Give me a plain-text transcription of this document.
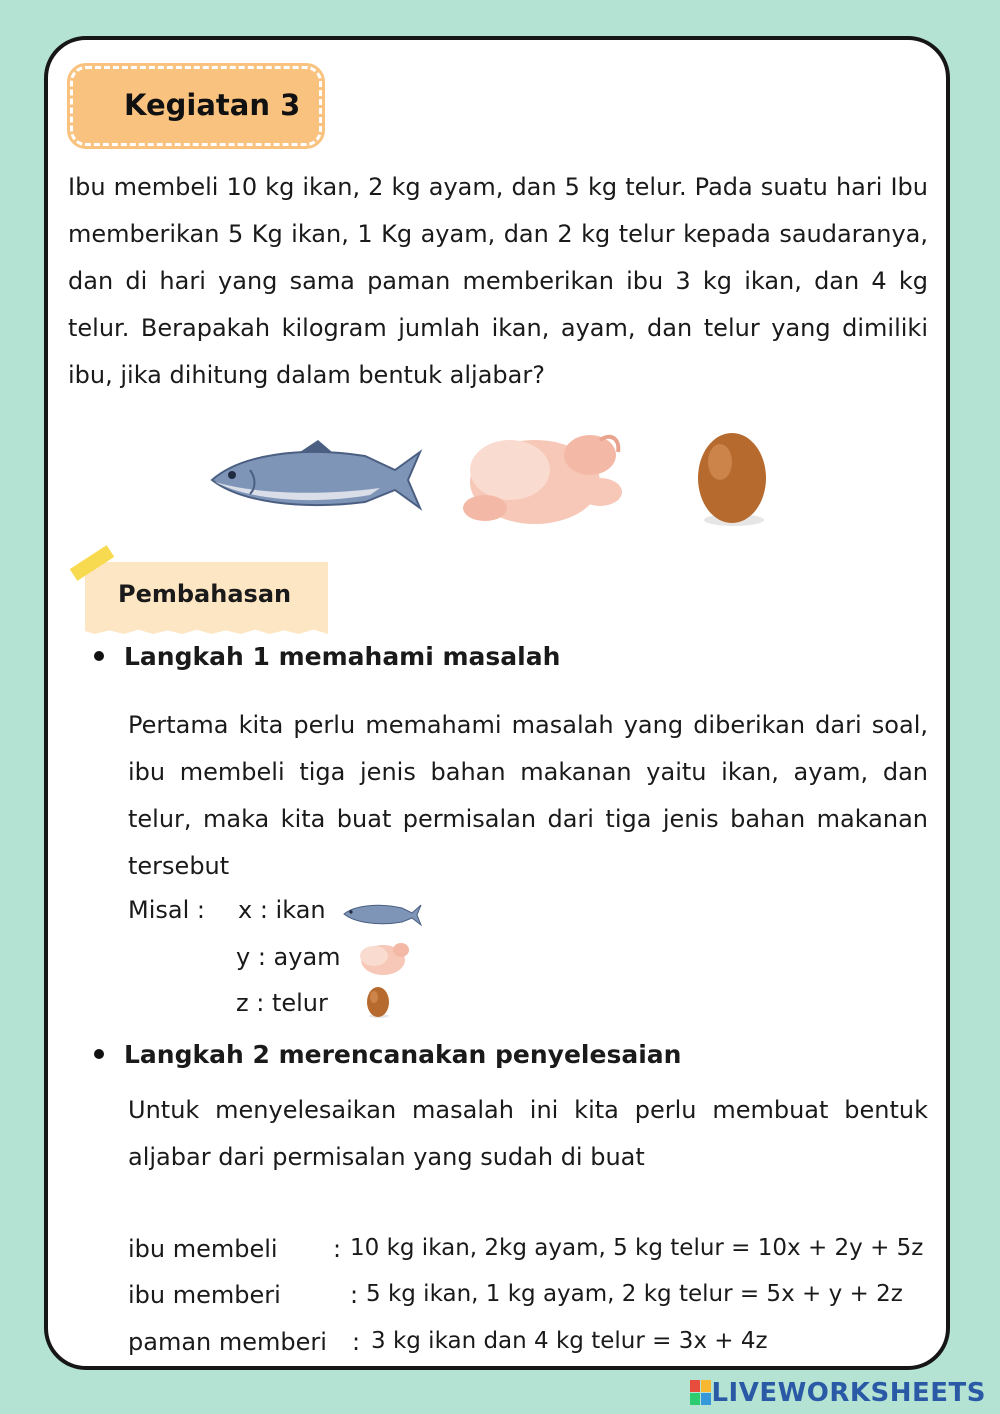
Kegiatan 3

Ibu membeli 10 kg ikan, 2 kg ayam, dan 5 kg telur. Pada suatu hari Ibu memberikan 5 Kg ikan, 1 Kg ayam, dan 2 kg telur kepada saudaranya, dan di hari yang sama paman memberikan ibu 3 kg ikan, dan 4 kg telur. Berapakah kilogram jumlah ikan, ayam, dan telur yang dimiliki ibu, jika dihitung dalam bentuk aljabar?

Pembahasan
Langkah 1 memahami masalah

Pertama kita perlu memahami masalah yang diberikan dari soal, ibu membeli tiga jenis bahan makanan yaitu ikan, ayam, dan telur, maka kita buat permisalan dari tiga jenis bahan makanan tersebut

Misal : x : ikan
y : ayam
z : telur
Langkah 2 merencanakan penyelesaian

Untuk menyelesaikan masalah ini kita perlu membuat bentuk aljabar dari permisalan yang sudah di buat

ibu membeli : 10 kg ikan, 2kg ayam, 5 kg telur = 10x + 2y + 5z
ibu memberi	: 5 kg ikan, 1 kg ayam, 2 kg telur = 5x + y + 2z
paman memberi : 3 kg ikan dan 4 kg telur = 3x + 4z
LIVEWORKSHEETS
